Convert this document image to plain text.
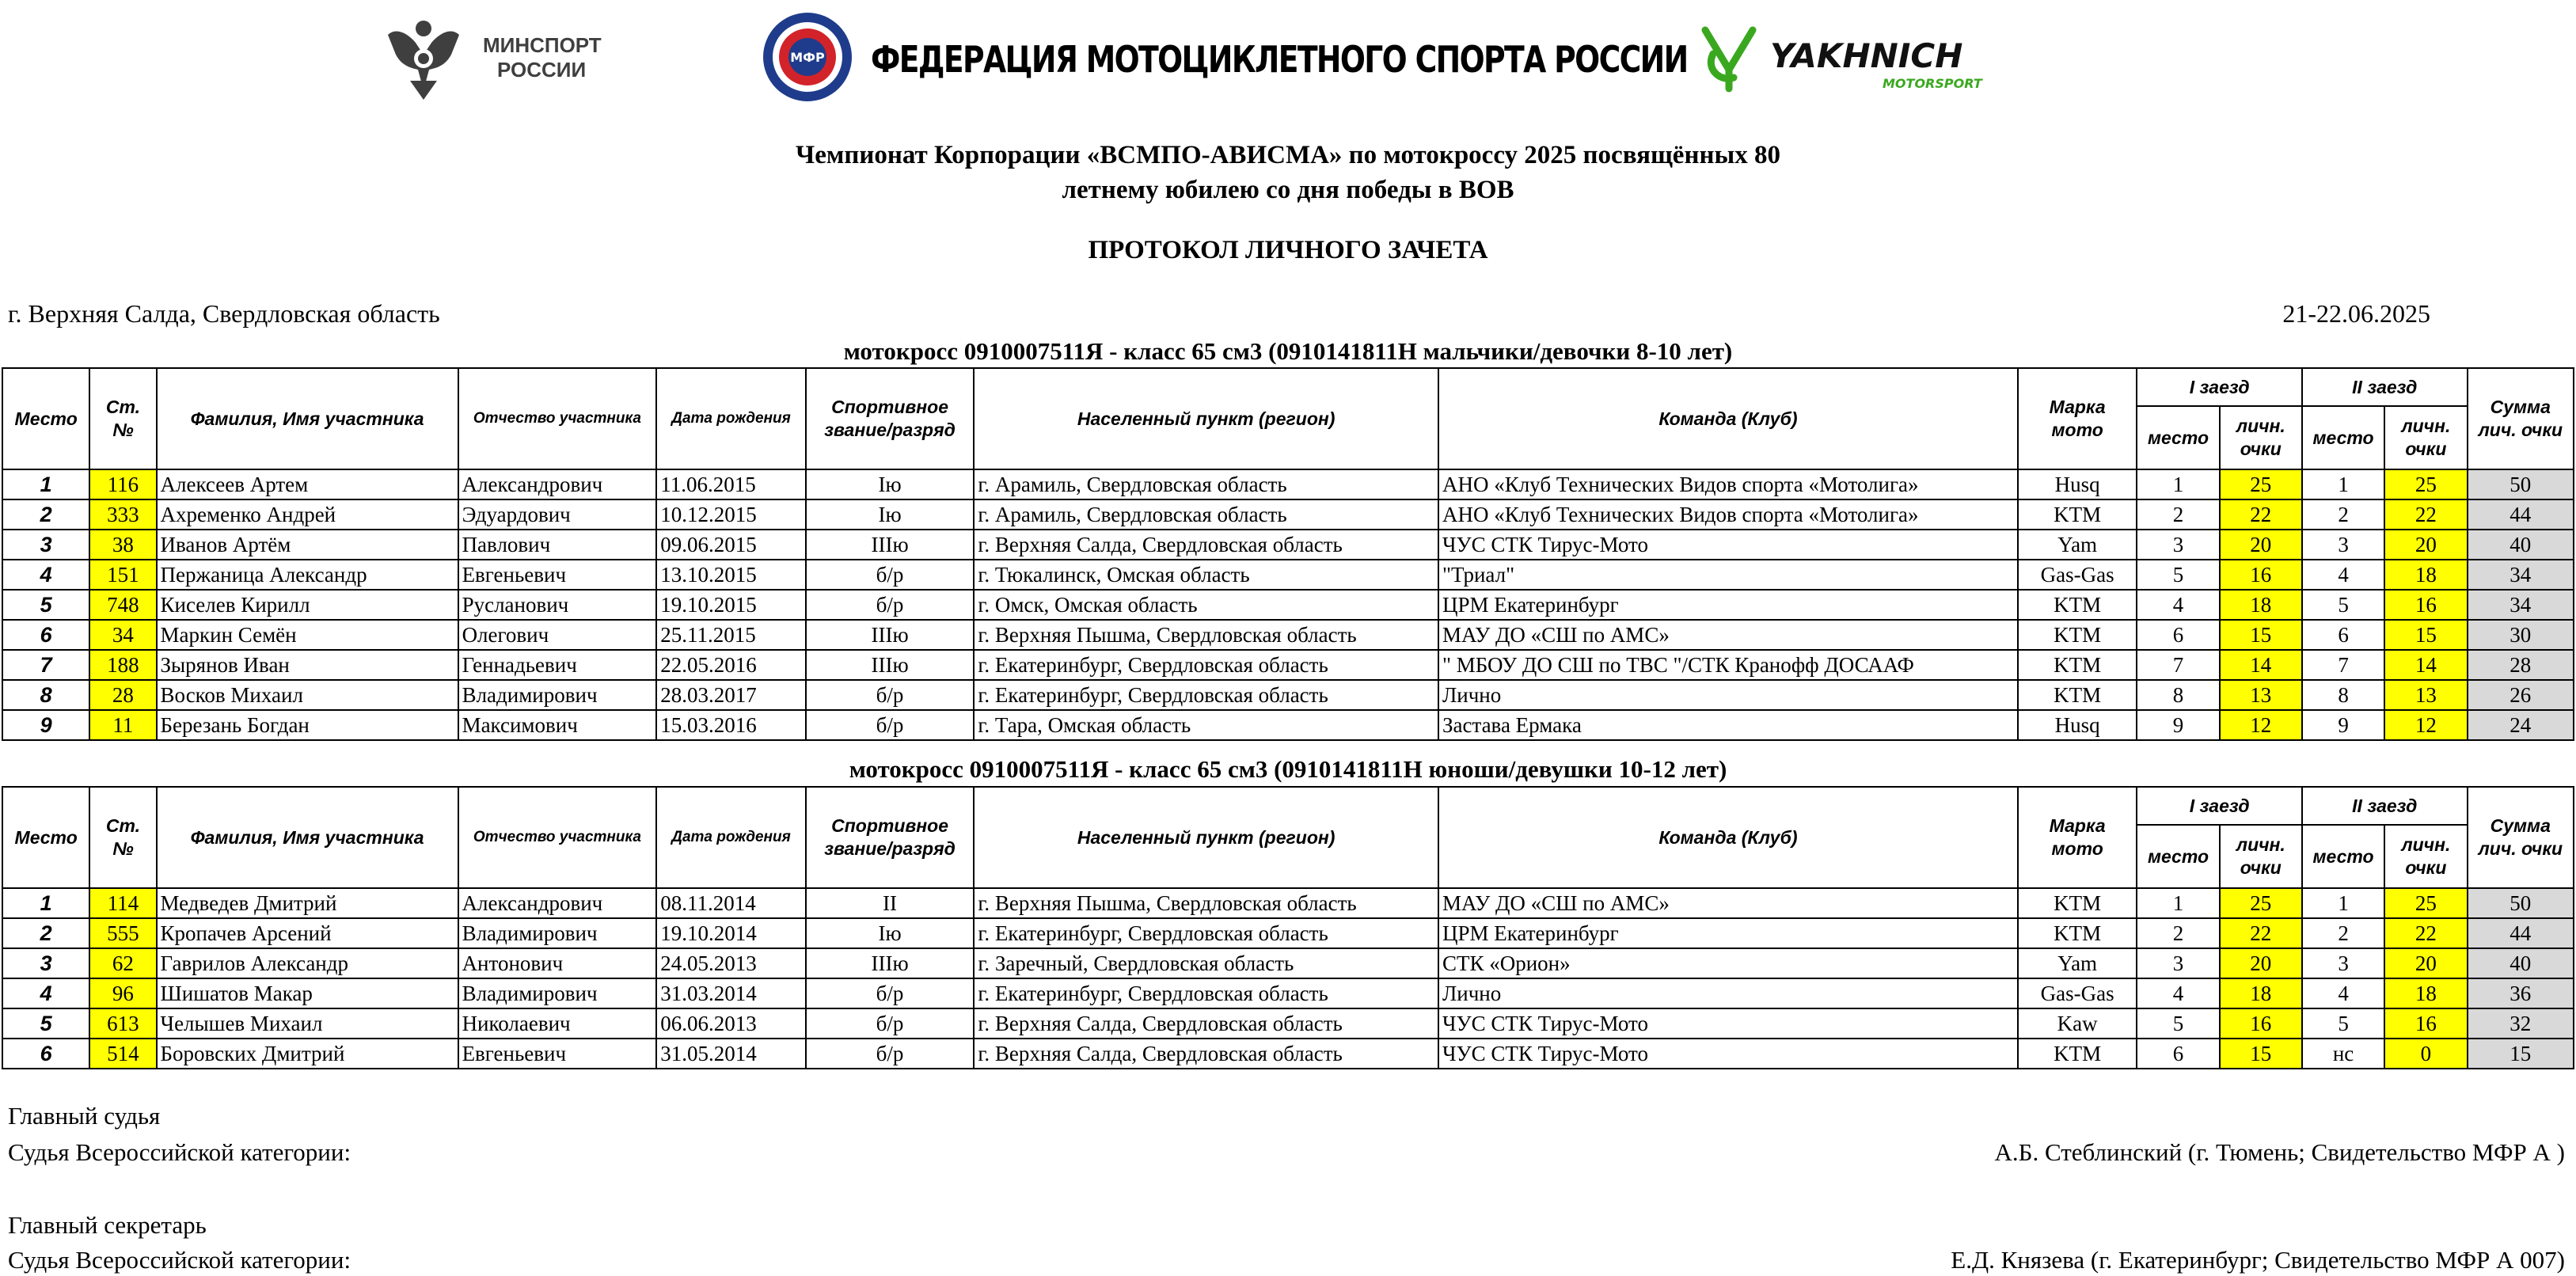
МИНСПОРТ
РОССИИ
МФР ФЕДЕРАЦИЯ МОТОЦИКЛЕТНОГО СПОРТА РОССИИ YAKHNICH
MOTORSPORT
Чемпионат Корпорации «ВСМПО-АВИСМА» по мотокроссу 2025 посвящённых 80
летнему юбилею со дня победы в ВОВ
ПРОТОКОЛ ЛИЧНОГО ЗАЧЕТА
г. Верхняя Салда, Свердловская область	21-22.06.2025
мотокросс 0910007511Я - класс 65 см3 (0910141811Н мальчики/девочки 8-10 лет)
Место	Ст. №	Фамилия, Имя участника	Отчество участника	Дата рождения	Спортивное звание/разряд	Населенный пункт (регион)	Команда (Клуб)	Марка мото	I заезд		II заезд		Сумма лич. очки
									место	личн. очки	место	личн. очки	
1	116	Алексеев Артем	Александрович	11.06.2015	Iю	г. Арамиль, Свердловская область	АНО «Клуб Технических Видов спорта «Мотолига»	Husq	1	25	1	25	50
2	333	Ахременко Андрей	Эдуардович	10.12.2015	Iю	г. Арамиль, Свердловская область	АНО «Клуб Технических Видов спорта «Мотолига»	KTM	2	22	2	22	44
3	38	Иванов Артём	Павлович	09.06.2015	IIIю	г. Верхняя Салда, Свердловская область	ЧУС СТК Тирус-Мото	Yam	3	20	3	20	40
4	151	Пержаница Александр	Евгеньевич	13.10.2015	б/р	г. Тюкалинск, Омская область	"Триал"	Gas-Gas	5	16	4	18	34
5	748	Киселев Кирилл	Русланович	19.10.2015	б/р	г. Омск, Омская область	ЦРМ Екатеринбург	KTM	4	18	5	16	34
6	34	Маркин Семён	Олегович	25.11.2015	IIIю	г. Верхняя Пышма, Свердловская область	МАУ ДО «СШ по АМС»	KTM	6	15	6	15	30
7	188	Зырянов Иван	Геннадьевич	22.05.2016	IIIю	г. Екатеринбург, Свердловская область	" МБОУ ДО СШ по ТВС "/СТК Кранофф ДОСААФ	KTM	7	14	7	14	28
8	28	Восков Михаил	Владимирович	28.03.2017	б/р	г. Екатеринбург, Свердловская область	Лично	KTM	8	13	8	13	26
9	11	Березань Богдан	Максимович	15.03.2016	б/р	г. Тара, Омская область	Застава Ермака	Husq	9	12	9	12	24
мотокросс 0910007511Я - класс 65 см3 (0910141811Н юноши/девушки 10-12 лет)
Место	Ст. №	Фамилия, Имя участника	Отчество участника	Дата рождения	Спортивное звание/разряд	Населенный пункт (регион)	Команда (Клуб)	Марка мото	I заезд		II заезд		Сумма лич. очки
									место	личн. очки	место	личн. очки	
1	114	Медведев Дмитрий	Александрович	08.11.2014	II	г. Верхняя Пышма, Свердловская область	МАУ ДО «СШ по АМС»	KTM	1	25	1	25	50
2	555	Кропачев Арсений	Владимирович	19.10.2014	Iю	г. Екатеринбург, Свердловская область	ЦРМ Екатеринбург	KTM	2	22	2	22	44
3	62	Гаврилов Александр	Антонович	24.05.2013	IIIю	г. Заречный, Свердловская область	СТК «Орион»	Yam	3	20	3	20	40
4	96	Шишатов Макар	Владимирович	31.03.2014	б/р	г. Екатеринбург, Свердловская область	Лично	Gas-Gas	4	18	4	18	36
5	613	Челышев Михаил	Николаевич	06.06.2013	б/р	г. Верхняя Салда, Свердловская область	ЧУС СТК Тирус-Мото	Kaw	5	16	5	16	32
6	514	Боровских Дмитрий	Евгеньевич	31.05.2014	б/р	г. Верхняя Салда, Свердловская область	ЧУС СТК Тирус-Мото	KTM	6	15	нс	0	15
Главный судья
Судья Всероссийской категории:	А.Б. Стеблинский (г. Тюмень; Свидетельство МФР А )
Главный секретарь
Судья Всероссийской категории:	Е.Д. Князева (г. Екатеринбург; Свидетельство МФР А 007)
